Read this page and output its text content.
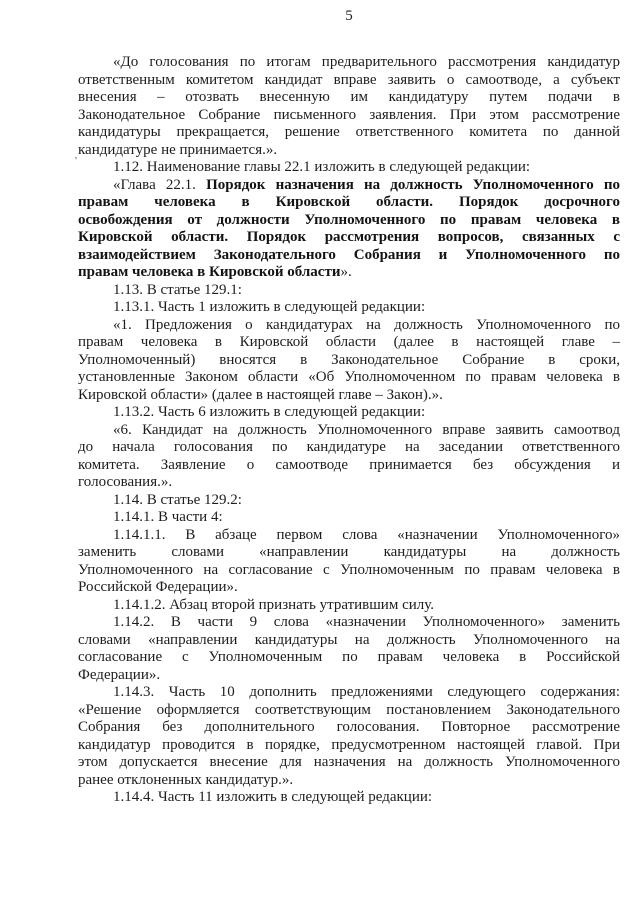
5
'
«До голосования по итогам предварительного рассмотрения кандидатур
ответственным комитетом кандидат вправе заявить о самоотводе, а субъект
внесения – отозвать внесенную им кандидатуру путем подачи в
Законодательное Собрание письменного заявления. При этом рассмотрение
кандидатуры прекращается, решение ответственного комитета по данной
кандидатуре не принимается.».
1.12. Наименование главы 22.1 изложить в следующей редакции:
«Глава 22.1. Порядок назначения на должность Уполномоченного по
правам человека в Кировской области. Порядок досрочного
освобождения от должности Уполномоченного по правам человека в
Кировской области. Порядок рассмотрения вопросов, связанных с
взаимодействием Законодательного Собрания и Уполномоченного по
правам человека в Кировской области».
1.13. В статье 129.1:
1.13.1. Часть 1 изложить в следующей редакции:
«1. Предложения о кандидатурах на должность Уполномоченного по
правам человека в Кировской области (далее в настоящей главе –
Уполномоченный) вносятся в Законодательное Собрание в сроки,
установленные Законом области «Об Уполномоченном по правам человека в
Кировской области» (далее в настоящей главе – Закон).».
1.13.2. Часть 6 изложить в следующей редакции:
«6. Кандидат на должность Уполномоченного вправе заявить самоотвод
до начала голосования по кандидатуре на заседании ответственного
комитета. Заявление о самоотводе принимается без обсуждения и
голосования.».
1.14. В статье 129.2:
1.14.1. В части 4:
1.14.1.1. В абзаце первом слова «назначении Уполномоченного»
заменить словами «направлении кандидатуры на должность
Уполномоченного на согласование с Уполномоченным по правам человека в
Российской Федерации».
1.14.1.2. Абзац второй признать утратившим силу.
1.14.2. В части 9 слова «назначении Уполномоченного» заменить
словами «направлении кандидатуры на должность Уполномоченного на
согласование с Уполномоченным по правам человека в Российской
Федерации».
1.14.3. Часть 10 дополнить предложениями следующего содержания:
«Решение оформляется соответствующим постановлением Законодательного
Собрания без дополнительного голосования. Повторное рассмотрение
кандидатур проводится в порядке, предусмотренном настоящей главой. При
этом допускается внесение для назначения на должность Уполномоченного
ранее отклоненных кандидатур.».
1.14.4. Часть 11 изложить в следующей редакции:
